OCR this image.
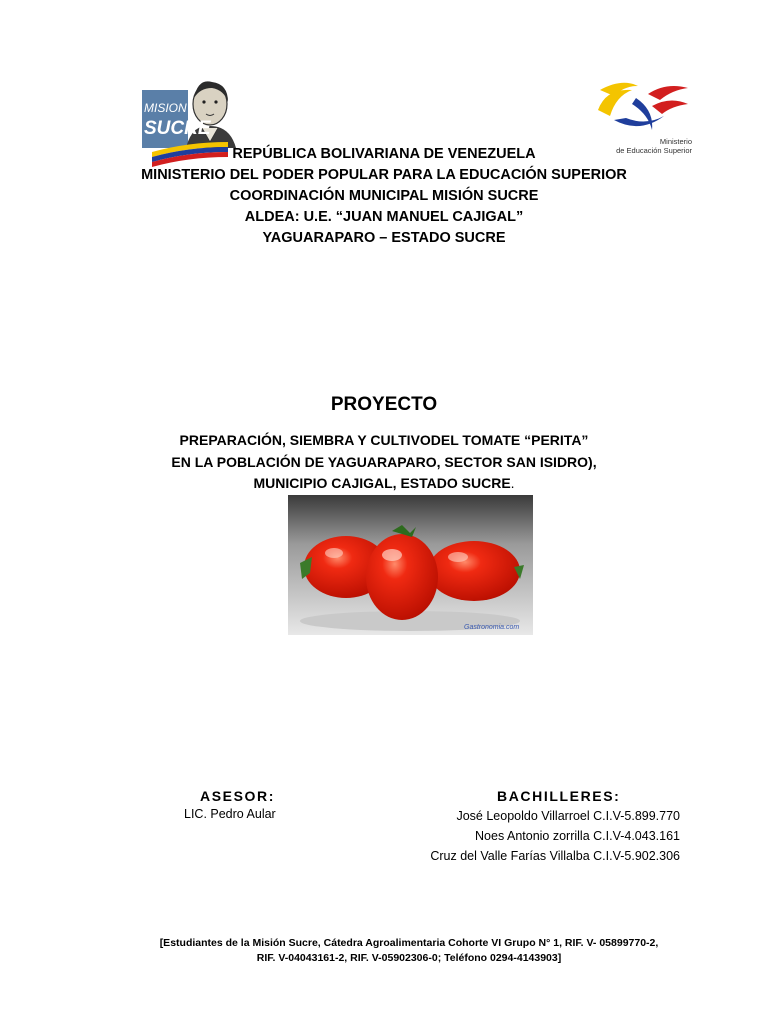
MISION
SUCRE
Ministerio
de Educación Superior
REPÚBLICA BOLIVARIANA DE VENEZUELA
MINISTERIO DEL PODER POPULAR PARA LA EDUCACIÓN SUPERIOR
COORDINACIÓN MUNICIPAL MISIÓN SUCRE
ALDEA: U.E. “JUAN MANUEL CAJIGAL”
YAGUARAPARO – ESTADO SUCRE
PROYECTO
PREPARACIÓN, SIEMBRA Y CULTIVODEL TOMATE “PERITA”
EN LA POBLACIÓN DE YAGUARAPARO, SECTOR SAN ISIDRO),
MUNICIPIO CAJIGAL, ESTADO SUCRE.
Gastronomia.com
ASESOR:
LIC. Pedro Aular
BACHILLERES:
José Leopoldo Villarroel C.I.V-5.899.770
Noes Antonio zorrilla C.I.V-4.043.161
Cruz del Valle Farías Villalba C.I.V-5.902.306
[Estudiantes de la Misión Sucre, Cátedra Agroalimentaria Cohorte VI Grupo N° 1, RIF. V- 05899770-2,
RIF. V-04043161-2, RIF. V-05902306-0; Teléfono 0294-4143903]
